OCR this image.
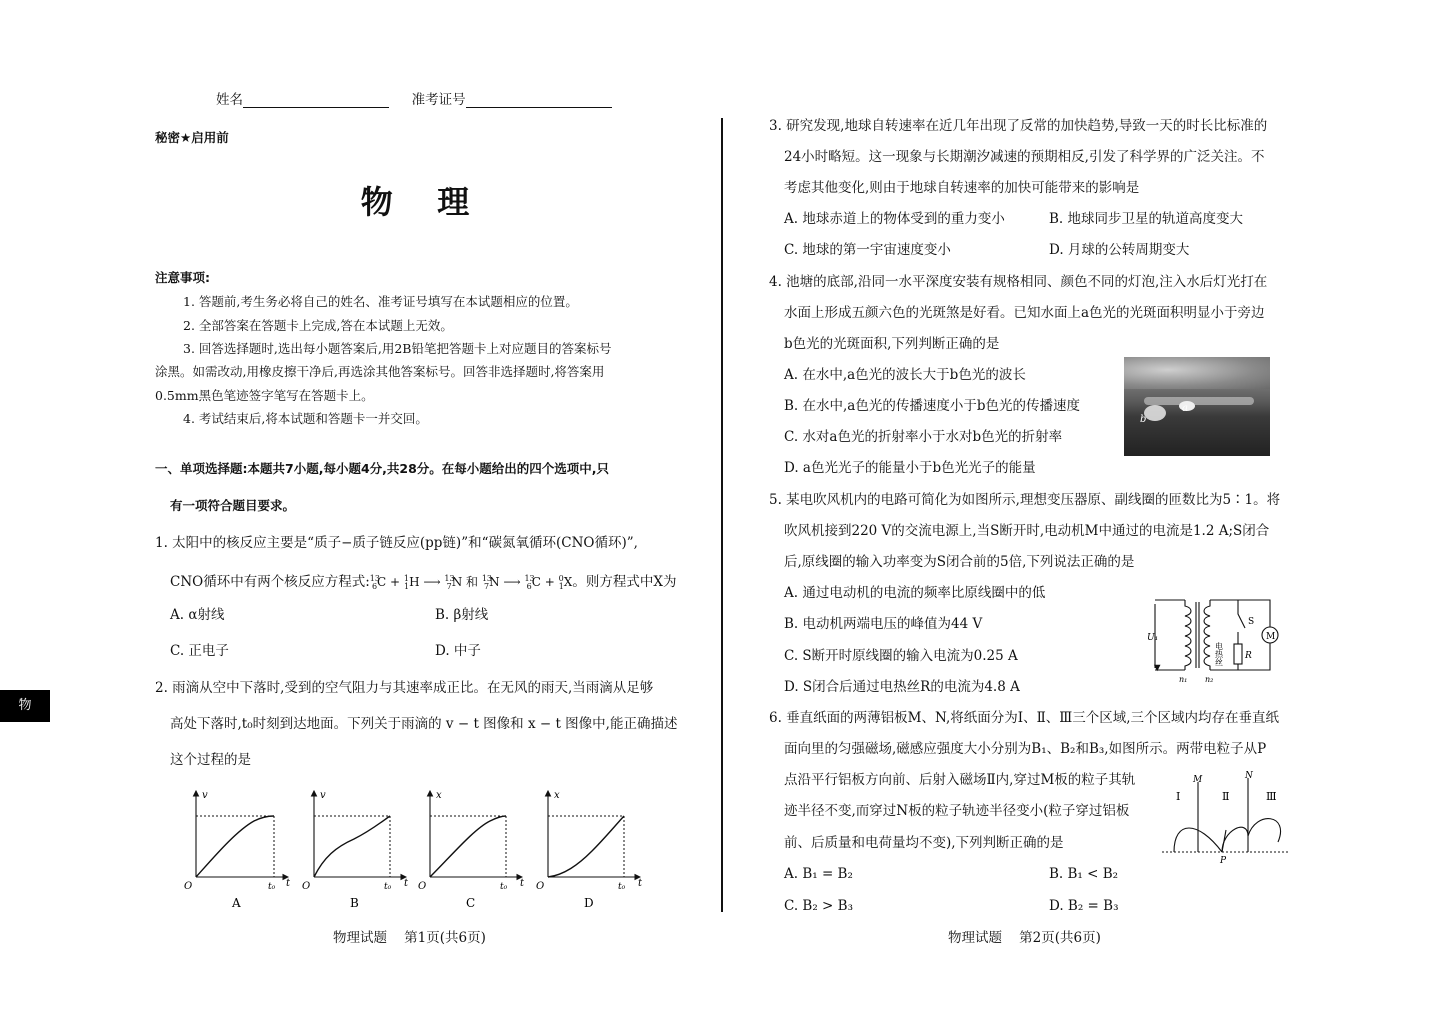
姓名	准考证号
秘密★启用前
物    理
注意事项:
1. 答题前,考生务必将自己的姓名、准考证号填写在本试题相应的位置。
2. 全部答案在答题卡上完成,答在本试题上无效。
3. 回答选择题时,选出每小题答案后,用2B铅笔把答题卡上对应题目的答案标号
涂黑。如需改动,用橡皮擦干净后,再选涂其他答案标号。回答非选择题时,将答案用
0.5mm黑色笔迹签字笔写在答题卡上。
4. 考试结束后,将本试题和答题卡一并交回。
一、单项选择题:本题共7小题,每小题4分,共28分。在每小题给出的四个选项中,只
有一项符合题目要求。
1. 太阳中的核反应主要是“质子−质子链反应(pp链)”和“碳氮氧循环(CNO循环)”,
CNO循环中有两个核反应方程式:$^{13}_6$C + $^1_1$H ⟶ $^{13}_7$N 和 $^{13}_7$N ⟶ $^{13}_6$C + $^0_1$X。则方程式中X为
A. α射线	B. β射线
C. 正电子	D. 中子
2. 雨滴从空中下落时,受到的空气阻力与其速率成正比。在无风的雨天,当雨滴从足够
高处下落时,t₀时刻到达地面。下列关于雨滴的 v − t 图像和 x − t 图像中,能正确描述
这个过程的是
v
t
O	t₀
A
v
t
O	t₀
B
x
t
O	t₀
C
x
t
O	t₀
D
3. 研究发现,地球自转速率在近几年出现了反常的加快趋势,导致一天的时长比标准的
24小时略短。这一现象与长期潮汐减速的预期相反,引发了科学界的广泛关注。不
考虑其他变化,则由于地球自转速率的加快可能带来的影响是
A. 地球赤道上的物体受到的重力变小	B. 地球同步卫星的轨道高度变大
C. 地球的第一宇宙速度变小	D. 月球的公转周期变大
4. 池塘的底部,沿同一水平深度安装有规格相同、颜色不同的灯泡,注入水后灯光打在
水面上形成五颜六色的光斑煞是好看。已知水面上a色光的光斑面积明显小于旁边
b色光的光斑面积,下列判断正确的是
A. 在水中,a色光的波长大于b色光的波长
B. 在水中,a色光的传播速度小于b色光的传播速度
C. 水对a色光的折射率小于水对b色光的折射率
D. a色光光子的能量小于b色光光子的能量
a
b
5. 某电吹风机内的电路可简化为如图所示,理想变压器原、副线圈的匝数比为5∶1。将
吹风机接到220 V的交流电源上,当S断开时,电动机M中通过的电流是1.2 A;S闭合
后,原线圈的输入功率变为S闭合前的5倍,下列说法正确的是
A. 通过电动机的电流的频率比原线圈中的低
B. 电动机两端电压的峰值为44 V
C. S断开时原线圈的输入电流为0.25 A
D. S闭合后通过电热丝R的电流为4.8 A
U₁
n₁ n₂
S
R
M
电热丝
6. 垂直纸面的两薄铝板M、N,将纸面分为Ⅰ、Ⅱ、Ⅲ三个区域,三个区域内均存在垂直纸
面向里的匀强磁场,磁感应强度大小分别为B₁、B₂和B₃,如图所示。两带电粒子从P
点沿平行铝板方向前、后射入磁场Ⅱ内,穿过M板的粒子其轨
迹半径不变,而穿过N板的粒子轨迹半径变小(粒子穿过铝板
前、后质量和电荷量均不变),下列判断正确的是
A. B₁ = B₂	B. B₁ < B₂
C. B₂ > B₃	D. B₂ = B₃
M	N
Ⅰ	Ⅱ	Ⅲ
P
物理试题    第1页(共6页)	物理试题    第2页(共6页)
物
